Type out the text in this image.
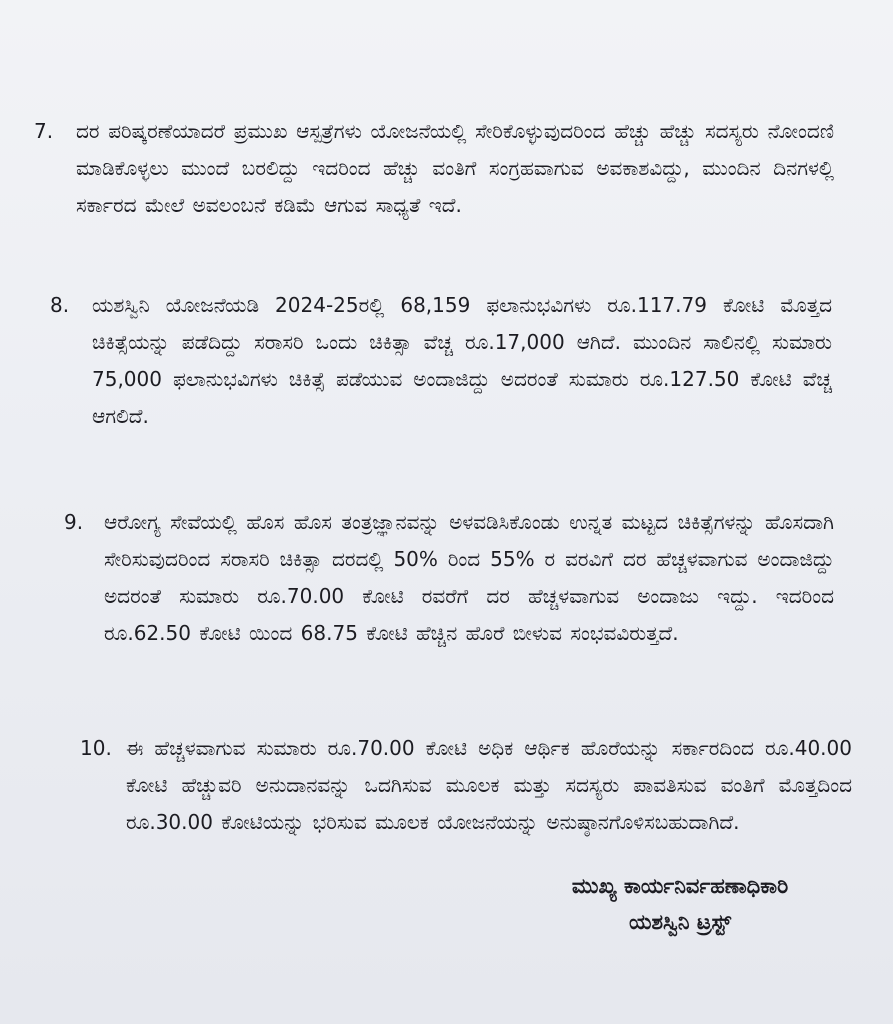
7.	ದರ ಪರಿಷ್ಕರಣೆಯಾದರೆ ಪ್ರಮುಖ ಆಸ್ಪತ್ರೆಗಳು ಯೋಜನೆಯಲ್ಲಿ ಸೇರಿಕೊಳ್ಳುವುದರಿಂದ ಹೆಚ್ಚು ಹೆಚ್ಚು ಸದಸ್ಯರು ನೋಂದಣಿ ಮಾಡಿಕೊಳ್ಳಲು ಮುಂದೆ ಬರಲಿದ್ದು ಇದರಿಂದ ಹೆಚ್ಚು ವಂತಿಗೆ ಸಂಗ್ರಹವಾಗುವ ಅವಕಾಶವಿದ್ದು, ಮುಂದಿನ ದಿನಗಳಲ್ಲಿ ಸರ್ಕಾರದ ಮೇಲೆ ಅವಲಂಬನೆ ಕಡಿಮೆ ಆಗುವ ಸಾಧ್ಯತೆ ಇದೆ.
8.	ಯಶಸ್ವಿನಿ ಯೋಜನೆಯಡಿ 2024-25ರಲ್ಲಿ 68,159 ಫಲಾನುಭವಿಗಳು ರೂ.117.79 ಕೋಟಿ ಮೊತ್ತದ ಚಿಕಿತ್ಸೆಯನ್ನು ಪಡೆದಿದ್ದು ಸರಾಸರಿ ಒಂದು ಚಿಕಿತ್ಸಾ ವೆಚ್ಚ ರೂ.17,000 ಆಗಿದೆ. ಮುಂದಿನ ಸಾಲಿನಲ್ಲಿ ಸುಮಾರು 75,000 ಫಲಾನುಭವಿಗಳು ಚಿಕಿತ್ಸೆ ಪಡೆಯುವ ಅಂದಾಜಿದ್ದು ಅದರಂತೆ ಸುಮಾರು ರೂ.127.50 ಕೋಟಿ ವೆಚ್ಚ ಆಗಲಿದೆ.
9.	ಆರೋಗ್ಯ ಸೇವೆಯಲ್ಲಿ ಹೊಸ ಹೊಸ ತಂತ್ರಜ್ಞಾನವನ್ನು ಅಳವಡಿಸಿಕೊಂಡು ಉನ್ನತ ಮಟ್ಟದ ಚಿಕಿತ್ಸೆಗಳನ್ನು ಹೊಸದಾಗಿ ಸೇರಿಸುವುದರಿಂದ ಸರಾಸರಿ ಚಿಕಿತ್ಸಾ ದರದಲ್ಲಿ 50% ರಿಂದ 55% ರ ವರವಿಗೆ ದರ ಹೆಚ್ಚಳವಾಗುವ ಅಂದಾಜಿದ್ದು ಅದರಂತೆ ಸುಮಾರು ರೂ.70.00 ಕೋಟಿ ರವರೆಗೆ ದರ ಹೆಚ್ಚಳವಾಗುವ ಅಂದಾಜು ಇದ್ದು. ಇದರಿಂದ ರೂ.62.50 ಕೋಟಿ ಯಿಂದ 68.75 ಕೋಟಿ ಹೆಚ್ಚಿನ ಹೊರೆ ಬೀಳುವ ಸಂಭವವಿರುತ್ತದೆ.
10. ಈ ಹೆಚ್ಚಳವಾಗುವ ಸುಮಾರು ರೂ.70.00 ಕೋಟಿ ಅಧಿಕ ಆರ್ಥಿಕ ಹೊರೆಯನ್ನು ಸರ್ಕಾರದಿಂದ ರೂ.40.00 ಕೋಟಿ ಹೆಚ್ಚುವರಿ ಅನುದಾನವನ್ನು ಒದಗಿಸುವ ಮೂಲಕ ಮತ್ತು ಸದಸ್ಯರು ಪಾವತಿಸುವ ವಂತಿಗೆ ಮೊತ್ತದಿಂದ ರೂ.30.00 ಕೋಟಿಯನ್ನು ಭರಿಸುವ ಮೂಲಕ ಯೋಜನೆಯನ್ನು ಅನುಷ್ಠಾನಗೊಳಿಸಬಹುದಾಗಿದೆ.
ಮುಖ್ಯ ಕಾರ್ಯನಿರ್ವಹಣಾಧಿಕಾರಿ
ಯಶಸ್ವಿನಿ ಟ್ರಸ್ಟ್
